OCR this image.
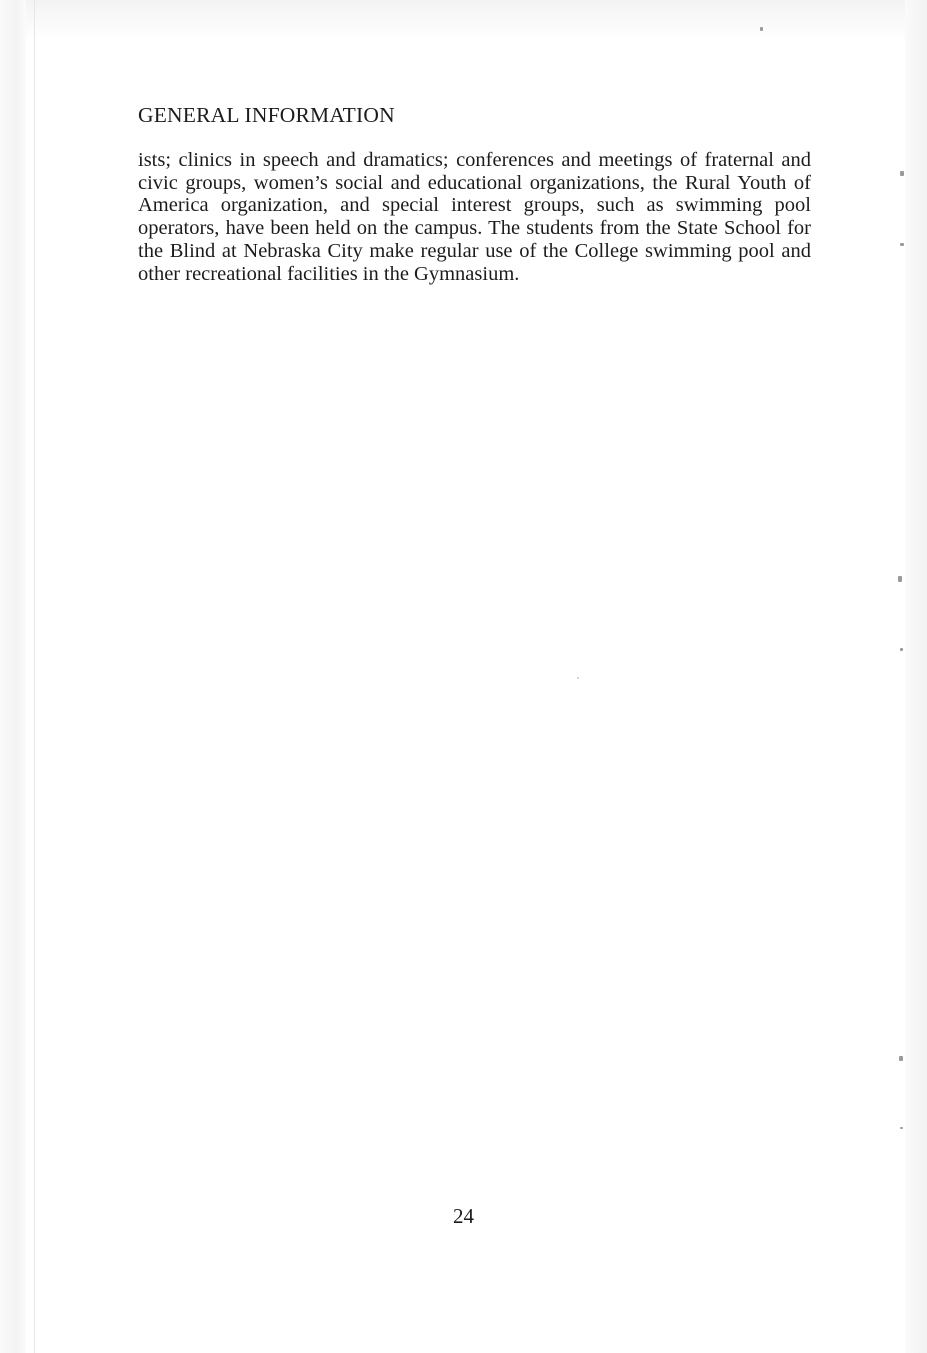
GENERAL INFORMATION

ists; clinics in speech and dramatics; conferences and meetings of fraternal and civic groups, women’s social and educational organizations, the Rural Youth of America organization, and special interest groups, such as swimming pool operators, have been held on the campus. The students from the State School for the Blind at Nebraska City make regular use of the College swimming pool and other recreational facilities in the Gymnasium.

24
